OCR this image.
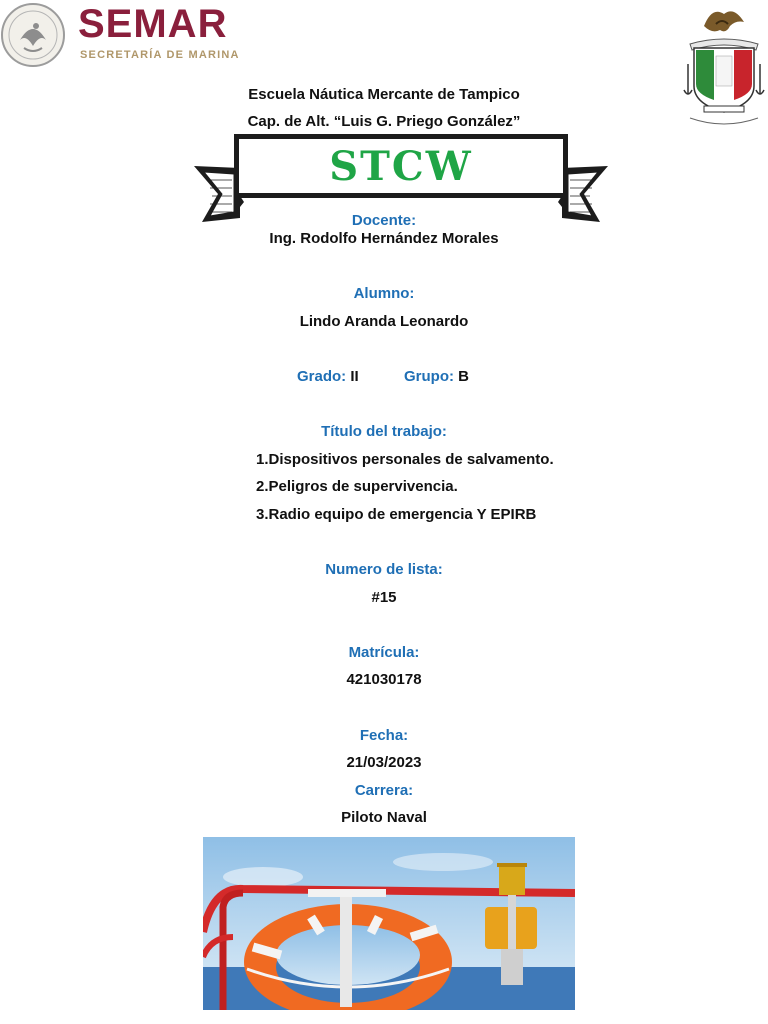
SEMAR
SECRETARÍA DE MARINA
Escuela Náutica Mercante de Tampico
Cap. de Alt. “Luis G. Priego González”
STCW
Docente:
Ing. Rodolfo Hernández Morales
Alumno:
Lindo Aranda Leonardo
Grado: II	Grupo: B
Título del trabajo:
1.Dispositivos personales de salvamento.
2.Peligros de supervivencia.
3.Radio equipo de emergencia Y EPIRB
Numero de lista:
#15
Matrícula:
421030178
Fecha:
21/03/2023
Carrera:
Piloto Naval
